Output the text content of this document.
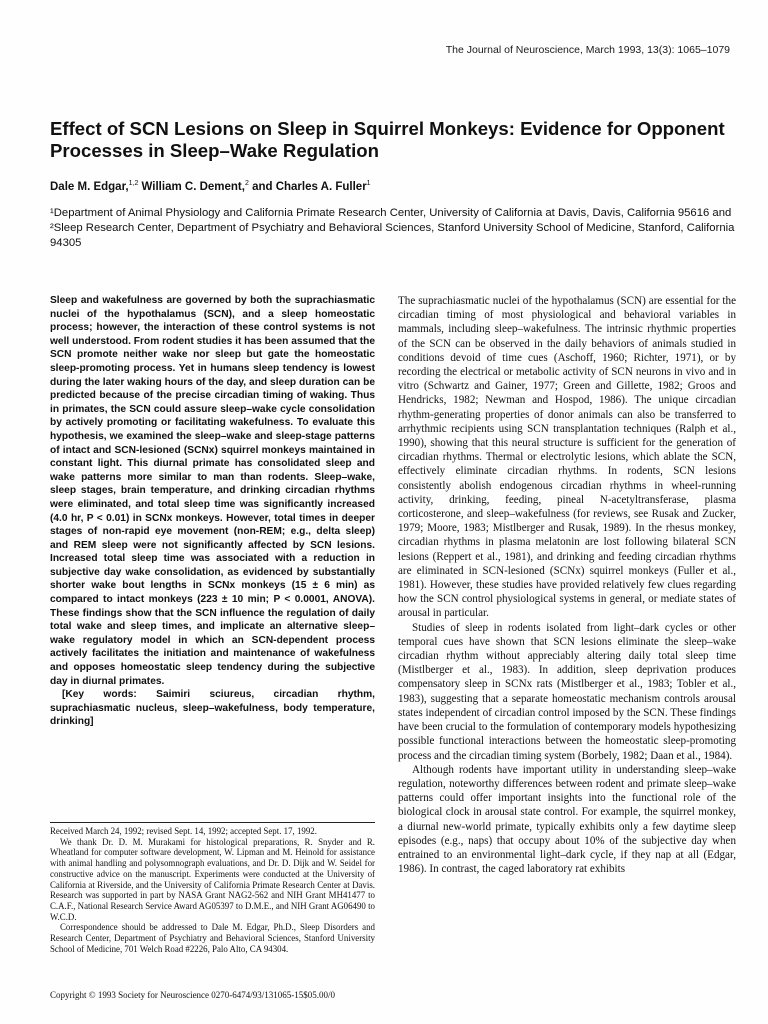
The Journal of Neuroscience, March 1993, 13(3): 1065–1079
Effect of SCN Lesions on Sleep in Squirrel Monkeys: Evidence for Opponent Processes in Sleep–Wake Regulation
Dale M. Edgar,$^{1,2}$ William C. Dement,$^2$ and Charles A. Fuller$^1$
¹Department of Animal Physiology and California Primate Research Center, University of California at Davis, Davis, California 95616 and ²Sleep Research Center, Department of Psychiatry and Behavioral Sciences, Stanford University School of Medicine, Stanford, California 94305

Sleep and wakefulness are governed by both the suprachiasmatic nuclei of the hypothalamus (SCN), and a sleep homeostatic process; however, the interaction of these control systems is not well understood. From rodent studies it has been assumed that the SCN promote neither wake nor sleep but gate the homeostatic sleep-promoting process. Yet in humans sleep tendency is lowest during the later waking hours of the day, and sleep duration can be predicted because of the precise circadian timing of waking. Thus in primates, the SCN could assure sleep–wake cycle consolidation by actively promoting or facilitating wakefulness. To evaluate this hypothesis, we examined the sleep–wake and sleep-stage patterns of intact and SCN-lesioned (SCNx) squirrel monkeys maintained in constant light. This diurnal primate has consolidated sleep and wake patterns more similar to man than rodents. Sleep–wake, sleep stages, brain temperature, and drinking circadian rhythms were eliminated, and total sleep time was significantly increased (4.0 hr, P < 0.01) in SCNx monkeys. However, total times in deeper stages of non-rapid eye movement (non-REM; e.g., delta sleep) and REM sleep were not significantly affected by SCN lesions. Increased total sleep time was associated with a reduction in subjective day wake consolidation, as evidenced by substantially shorter wake bout lengths in SCNx monkeys (15 ± 6 min) as compared to intact monkeys (223 ± 10 min; P < 0.0001, ANOVA). These findings show that the SCN influence the regulation of daily total wake and sleep times, and implicate an alternative sleep–wake regulatory model in which an SCN-dependent process actively facilitates the initiation and maintenance of wakefulness and opposes homeostatic sleep tendency during the subjective day in diurnal primates.

[Key words: Saimiri sciureus, circadian rhythm, suprachiasmatic nucleus, sleep–wakefulness, body temperature, drinking]

Received March 24, 1992; revised Sept. 14, 1992; accepted Sept. 17, 1992.

We thank Dr. D. M. Murakami for histological preparations, R. Snyder and R. Wheatland for computer software development, W. Lipman and M. Heinold for assistance with animal handling and polysomnograph evaluations, and Dr. D. Dijk and W. Seidel for constructive advice on the manuscript. Experiments were conducted at the University of California at Riverside, and the University of California Primate Research Center at Davis. Research was supported in part by NASA Grant NAG2-562 and NIH Grant MH41477 to C.A.F., National Research Service Award AG05397 to D.M.E., and NIH Grant AG06490 to W.C.D.

Correspondence should be addressed to Dale M. Edgar, Ph.D., Sleep Disorders and Research Center, Department of Psychiatry and Behavioral Sciences, Stanford University School of Medicine, 701 Welch Road #2226, Palo Alto, CA 94304.

Copyright © 1993 Society for Neuroscience 0270-6474/93/131065-15$05.00/0

The suprachiasmatic nuclei of the hypothalamus (SCN) are essential for the circadian timing of most physiological and behavioral variables in mammals, including sleep–wakefulness. The intrinsic rhythmic properties of the SCN can be observed in the daily behaviors of animals studied in conditions devoid of time cues (Aschoff, 1960; Richter, 1971), or by recording the electrical or metabolic activity of SCN neurons in vivo and in vitro (Schwartz and Gainer, 1977; Green and Gillette, 1982; Groos and Hendricks, 1982; Newman and Hospod, 1986). The unique circadian rhythm-generating properties of donor animals can also be transferred to arrhythmic recipients using SCN transplantation techniques (Ralph et al., 1990), showing that this neural structure is sufficient for the generation of circadian rhythms. Thermal or electrolytic lesions, which ablate the SCN, effectively eliminate circadian rhythms. In rodents, SCN lesions consistently abolish endogenous circadian rhythms in wheel-running activity, drinking, feeding, pineal N-acetyltransferase, plasma corticosterone, and sleep–wakefulness (for reviews, see Rusak and Zucker, 1979; Moore, 1983; Mistlberger and Rusak, 1989). In the rhesus monkey, circadian rhythms in plasma melatonin are lost following bilateral SCN lesions (Reppert et al., 1981), and drinking and feeding circadian rhythms are eliminated in SCN-lesioned (SCNx) squirrel monkeys (Fuller et al., 1981). However, these studies have provided relatively few clues regarding how the SCN control physiological systems in general, or mediate states of arousal in particular.

Studies of sleep in rodents isolated from light–dark cycles or other temporal cues have shown that SCN lesions eliminate the sleep–wake circadian rhythm without appreciably altering daily total sleep time (Mistlberger et al., 1983). In addition, sleep deprivation produces compensatory sleep in SCNx rats (Mistlberger et al., 1983; Tobler et al., 1983), suggesting that a separate homeostatic mechanism controls arousal states independent of circadian control imposed by the SCN. These findings have been crucial to the formulation of contemporary models hypothesizing possible functional interactions between the homeostatic sleep-promoting process and the circadian timing system (Borbely, 1982; Daan et al., 1984).

Although rodents have important utility in understanding sleep–wake regulation, noteworthy differences between rodent and primate sleep–wake patterns could offer important insights into the functional role of the biological clock in arousal state control. For example, the squirrel monkey, a diurnal new-world primate, typically exhibits only a few daytime sleep episodes (e.g., naps) that occupy about 10% of the subjective day when entrained to an environmental light–dark cycle, if they nap at all (Edgar, 1986). In contrast, the caged laboratory rat exhibits
